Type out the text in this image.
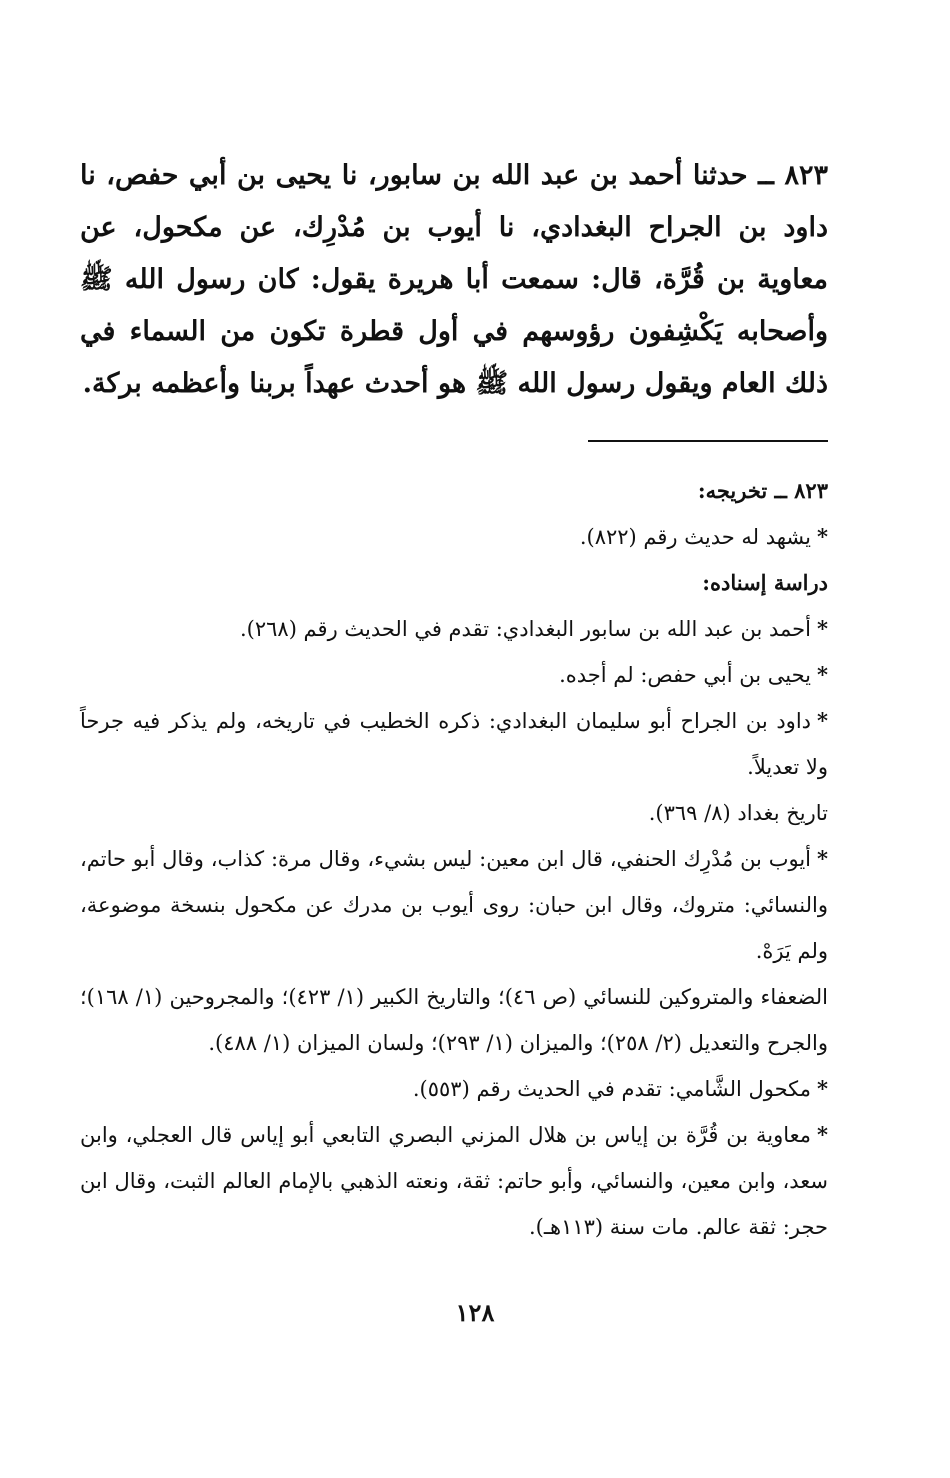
٨٢٣ ــ حدثنا أحمد بن عبد الله بن سابور، نا يحيى بن أبي حفص، نا داود بن الجراح البغدادي، نا أيوب بن مُدْرِك، عن مكحول، عن معاوية بن قُرَّة، قال: سمعت أبا هريرة يقول: كان رسول الله ﷺ وأصحابه يَكْشِفون رؤوسهم في أول قطرة تكون من السماء في ذلك العام ويقول رسول الله ﷺ هو أحدث عهداً بربنا وأعظمه بركة.

٨٢٣ ــ تخريجه:

*يشهد له حديث رقم (٨٢٢).

دراسة إسناده:

*أحمد بن عبد الله بن سابور البغدادي: تقدم في الحديث رقم (٢٦٨).

*يحيى بن أبي حفص: لم أجده.

*داود بن الجراح أبو سليمان البغدادي: ذكره الخطيب في تاريخه، ولم يذكر فيه جرحاً ولا تعديلاً.

تاريخ بغداد (٨/ ٣٦٩).

*أيوب بن مُدْرِك الحنفي، قال ابن معين: ليس بشيء، وقال مرة: كذاب، وقال أبو حاتم، والنسائي: متروك، وقال ابن حبان: روى أيوب بن مدرك عن مكحول بنسخة موضوعة، ولم يَرَهْ.

الضعفاء والمتروكين للنسائي (ص ٤٦)؛ والتاريخ الكبير (١/ ٤٢٣)؛ والمجروحين (١/ ١٦٨)؛ والجرح والتعديل (٢/ ٢٥٨)؛ والميزان (١/ ٢٩٣)؛ ولسان الميزان (١/ ٤٨٨).

*مكحول الشَّامي: تقدم في الحديث رقم (٥٥٣).

*معاوية بن قُرَّة بن إياس بن هلال المزني البصري التابعي أبو إياس قال العجلي، وابن سعد، وابن معين، والنسائي، وأبو حاتم: ثقة، ونعته الذهبي بالإمام العالم الثبت، وقال ابن حجر: ثقة عالم. مات سنة (١١٣هـ).

١٢٨
